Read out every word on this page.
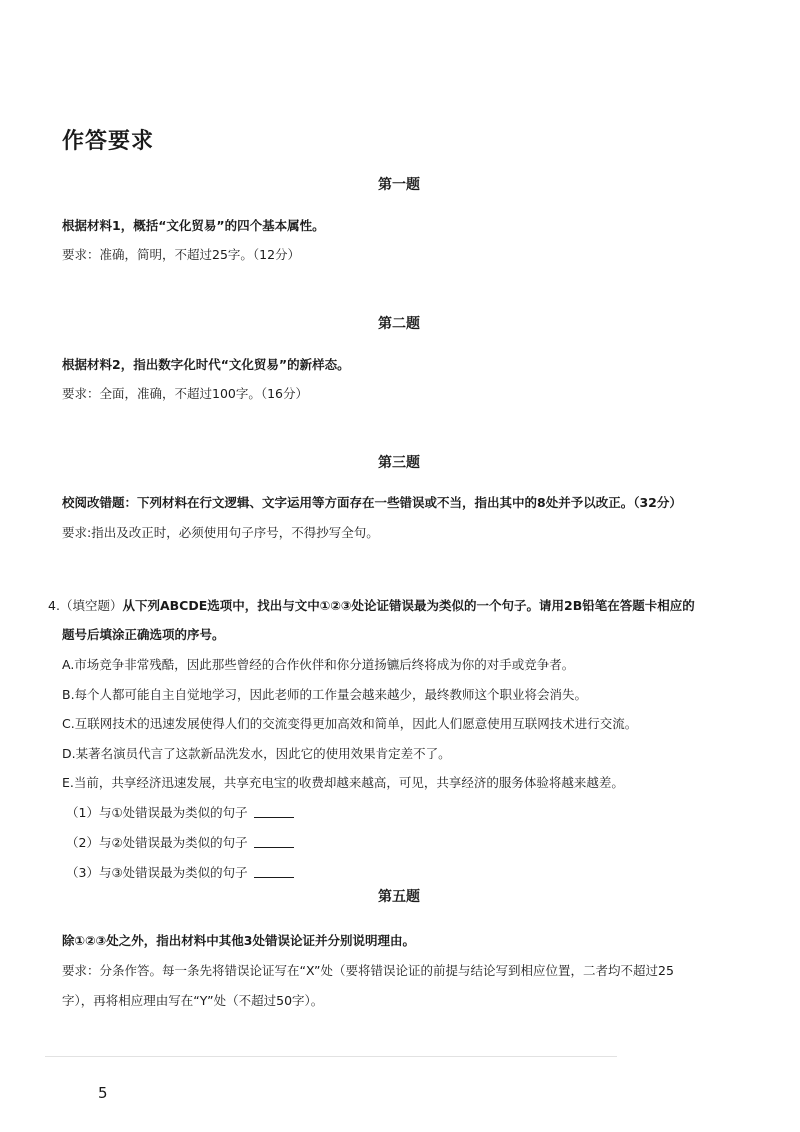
作答要求
第一题
根据材料1，概括“文化贸易”的四个基本属性。
要求：准确，简明，不超过25字。（12分）
第二题
根据材料2，指出数字化时代“文化贸易”的新样态。
要求：全面，准确，不超过100字。（16分）
第三题
校阅改错题：下列材料在行文逻辑、文字运用等方面存在一些错误或不当，指出其中的8处并予以改正。（32分）
要求:指出及改正时，必须使用句子序号，不得抄写全句。
4.（填空题）从下列ABCDE选项中，找出与文中①②③处论证错误最为类似的一个句子。请用2B铅笔在答题卡相应的
题号后填涂正确选项的序号。
A.市场竞争非常残酷，因此那些曾经的合作伙伴和你分道扬镳后终将成为你的对手或竞争者。
B.每个人都可能自主自觉地学习，因此老师的工作量会越来越少，最终教师这个职业将会消失。
C.互联网技术的迅速发展使得人们的交流变得更加高效和简单，因此人们愿意使用互联网技术进行交流。
D.某著名演员代言了这款新品洗发水，因此它的使用效果肯定差不了。
E.当前，共享经济迅速发展，共享充电宝的收费却越来越高，可见，共享经济的服务体验将越来越差。
（1）与①处错误最为类似的句子
（2）与②处错误最为类似的句子
（3）与③处错误最为类似的句子
第五题
除①②③处之外，指出材料中其他3处错误论证并分别说明理由。
要求：分条作答。每一条先将错误论证写在“X”处（要将错误论证的前提与结论写到相应位置，二者均不超过25
字），再将相应理由写在“Y”处（不超过50字）。
5
